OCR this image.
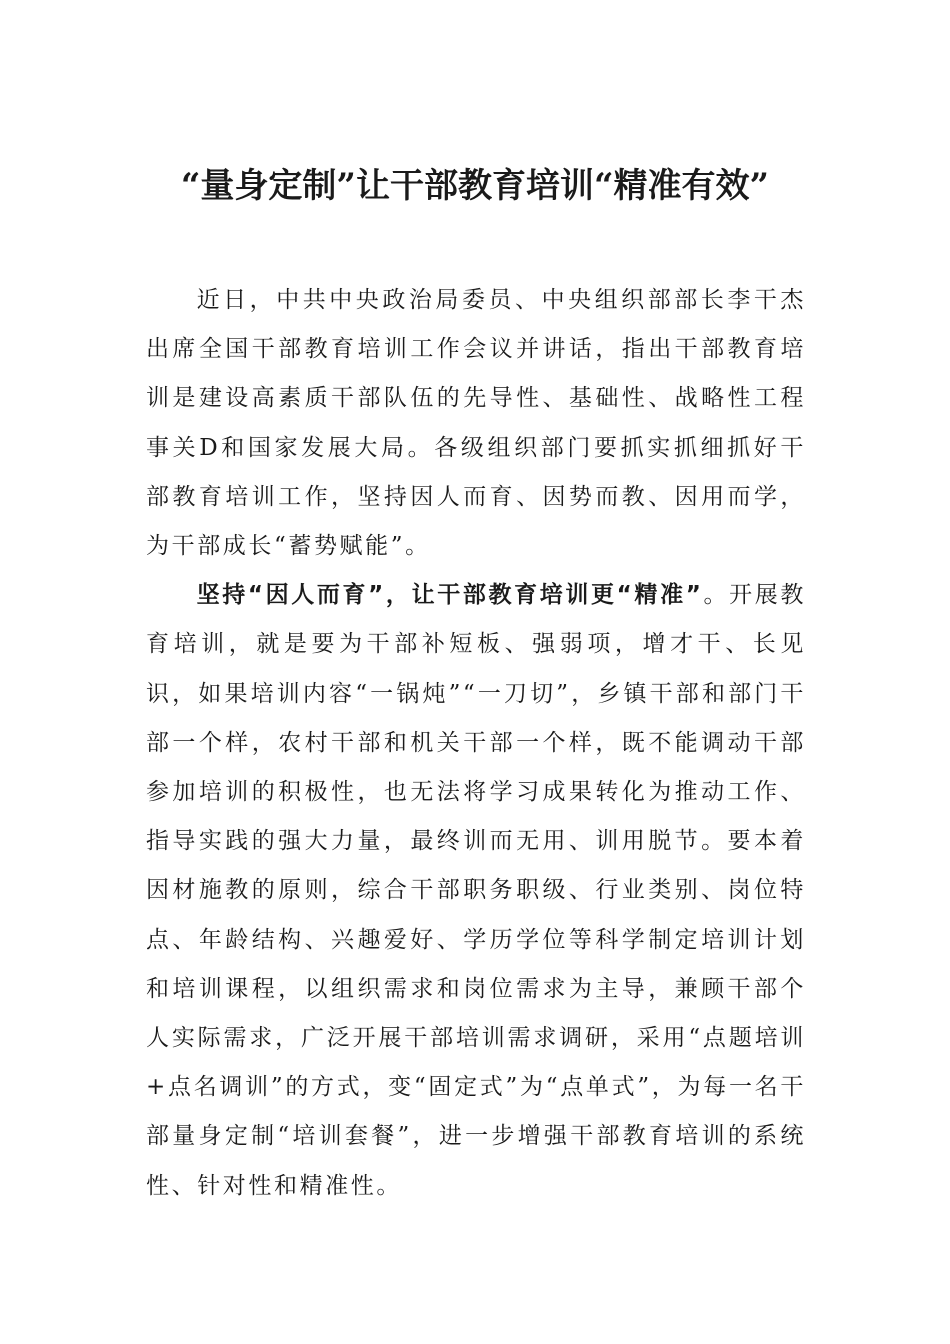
“量身定制”让干部教育培训“精准有效”

近日，中共中央政治局委员、中央组织部部长李干杰出席全国干部教育培训工作会议并讲话，指出干部教育培训是建设高素质干部队伍的先导性、基础性、战略性工程事关D和国家发展大局。各级组织部门要抓实抓细抓好干部教育培训工作，坚持因人而育、因势而教、因用而学，为干部成长“蓄势赋能”。

坚持“因人而育”，让干部教育培训更“精准”。开展教育培训，就是要为干部补短板、强弱项，增才干、长见识，如果培训内容“一锅炖”“一刀切”，乡镇干部和部门干部一个样，农村干部和机关干部一个样，既不能调动干部参加培训的积极性，也无法将学习成果转化为推动工作、指导实践的强大力量，最终训而无用、训用脱节。要本着因材施教的原则，综合干部职务职级、行业类别、岗位特点、年龄结构、兴趣爱好、学历学位等科学制定培训计划和培训课程，以组织需求和岗位需求为主导，兼顾干部个人实际需求，广泛开展干部培训需求调研，采用“点题培训+点名调训”的方式，变“固定式”为“点单式”，为每一名干部量身定制“培训套餐”，进一步增强干部教育培训的系统性、针对性和精准性。
